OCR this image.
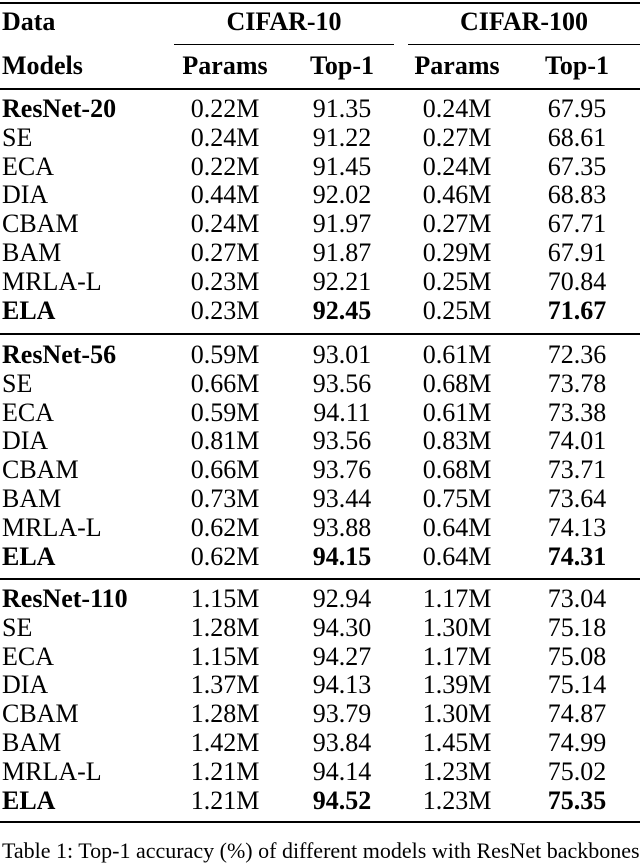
Data	CIFAR-10	CIFAR-100
Models	Params	Top-1	Params	Top-1
ResNet-20	0.22M	91.35	0.24M	67.95
SE	0.24M	91.22	0.27M	68.61
ECA	0.22M	91.45	0.24M	67.35
DIA	0.44M	92.02	0.46M	68.83
CBAM	0.24M	91.97	0.27M	67.71
BAM	0.27M	91.87	0.29M	67.91
MRLA-L	0.23M	92.21	0.25M	70.84
ELA	0.23M	92.45	0.25M	71.67
ResNet-56	0.59M	93.01	0.61M	72.36
SE	0.66M	93.56	0.68M	73.78
ECA	0.59M	94.11	0.61M	73.38
DIA	0.81M	93.56	0.83M	74.01
CBAM	0.66M	93.76	0.68M	73.71
BAM	0.73M	93.44	0.75M	73.64
MRLA-L	0.62M	93.88	0.64M	74.13
ELA	0.62M	94.15	0.64M	74.31
ResNet-110	1.15M	92.94	1.17M	73.04
SE	1.28M	94.30	1.30M	75.18
ECA	1.15M	94.27	1.17M	75.08
DIA	1.37M	94.13	1.39M	75.14
CBAM	1.28M	93.79	1.30M	74.87
BAM	1.42M	93.84	1.45M	74.99
MRLA-L	1.21M	94.14	1.23M	75.02
ELA	1.21M	94.52	1.23M	75.35
Table 1: Top-1 accuracy (%) of different models with ResNet backbones
